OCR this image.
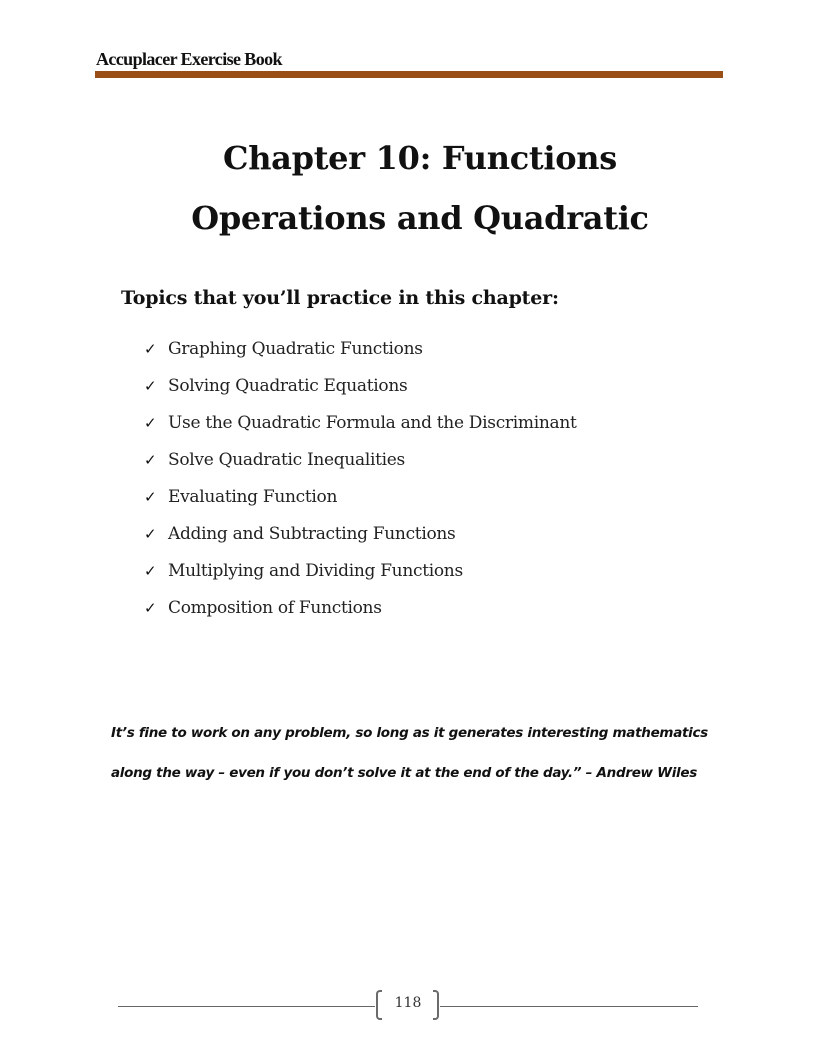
Accuplacer Exercise Book
Chapter 10: Functions
Operations and Quadratic
Topics that you’ll practice in this chapter:
✓ Graphing Quadratic Functions
✓ Solving Quadratic Equations
✓ Use the Quadratic Formula and the Discriminant
✓ Solve Quadratic Inequalities
✓ Evaluating Function
✓ Adding and Subtracting Functions
✓ Multiplying and Dividing Functions
✓ Composition of Functions
It’s fine to work on any problem, so long as it generates interesting mathematics
along the way – even if you don’t solve it at the end of the day.” – Andrew Wiles
118
